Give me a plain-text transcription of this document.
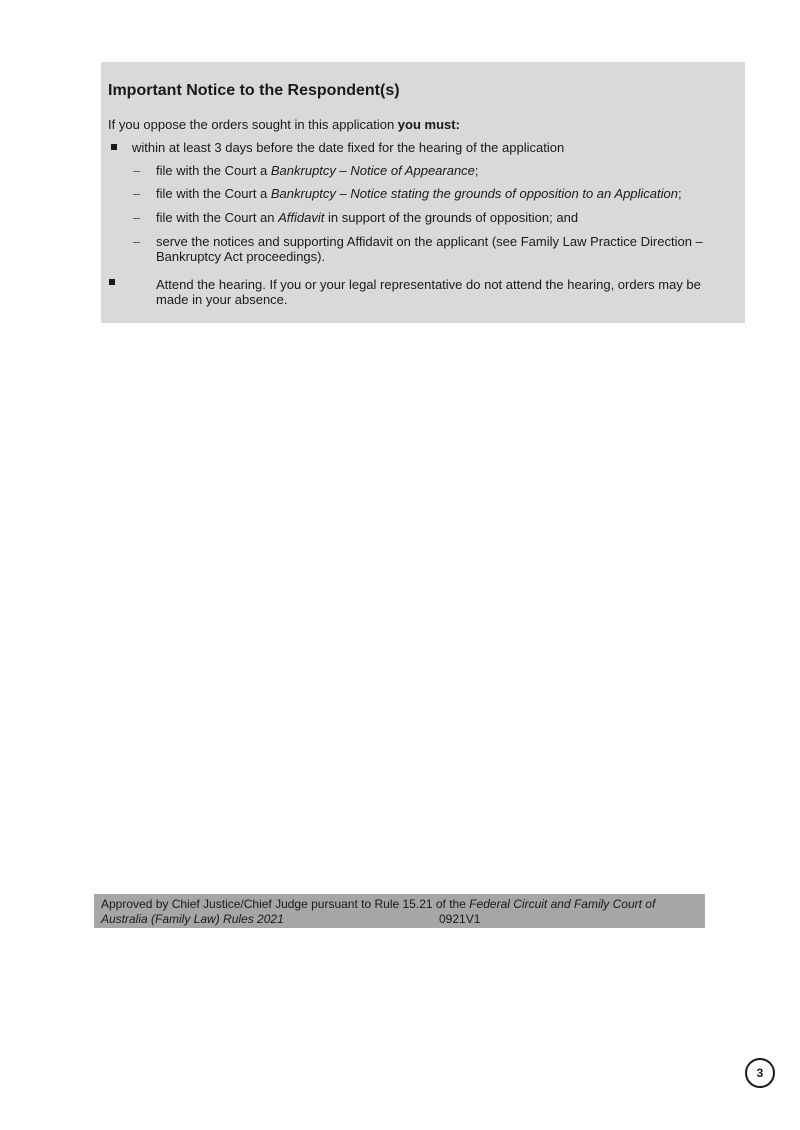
Important Notice to the Respondent(s)
If you oppose the orders sought in this application you must:
within at least 3 days before the date fixed for the hearing of the application
– file with the Court a Bankruptcy – Notice of Appearance;
– file with the Court a Bankruptcy – Notice stating the grounds of opposition to an Application;
– file with the Court an Affidavit in support of the grounds of opposition; and
– serve the notices and supporting Affidavit on the applicant (see Family Law Practice Direction –
Bankruptcy Act proceedings).
Attend the hearing. If you or your legal representative do not attend the hearing, orders may be
made in your absence.
Approved by Chief Justice/Chief Judge pursuant to Rule 15.21 of the Federal Circuit and Family Court of
Australia (Family Law) Rules 2021	0921V1
3
